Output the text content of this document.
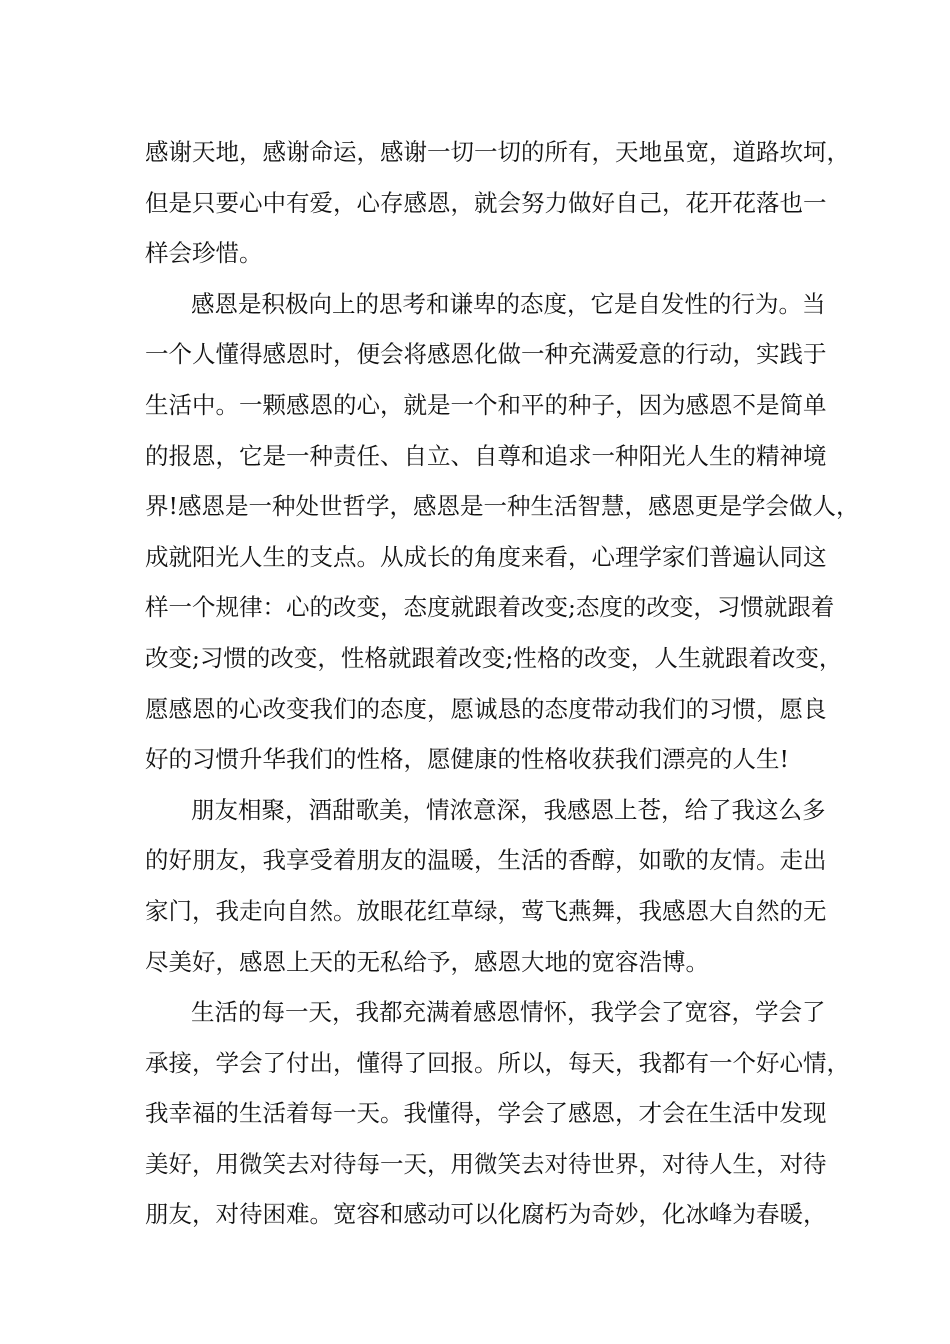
感谢天地，感谢命运，感谢一切一切的所有，天地虽宽，道路坎坷，
但是只要心中有爱，心存感恩，就会努力做好自己，花开花落也一
样会珍惜。

感恩是积极向上的思考和谦卑的态度，它是自发性的行为。当
一个人懂得感恩时，便会将感恩化做一种充满爱意的行动，实践于
生活中。一颗感恩的心，就是一个和平的种子，因为感恩不是简单
的报恩，它是一种责任、自立、自尊和追求一种阳光人生的精神境
界!感恩是一种处世哲学，感恩是一种生活智慧，感恩更是学会做人，
成就阳光人生的支点。从成长的角度来看，心理学家们普遍认同这
样一个规律：心的改变，态度就跟着改变;态度的改变，习惯就跟着
改变;习惯的改变，性格就跟着改变;性格的改变，人生就跟着改变，
愿感恩的心改变我们的态度，愿诚恳的态度带动我们的习惯，愿良
好的习惯升华我们的性格，愿健康的性格收获我们漂亮的人生!

朋友相聚，酒甜歌美，情浓意深，我感恩上苍，给了我这么多
的好朋友，我享受着朋友的温暖，生活的香醇，如歌的友情。走出
家门，我走向自然。放眼花红草绿，莺飞燕舞，我感恩大自然的无
尽美好，感恩上天的无私给予，感恩大地的宽容浩博。

生活的每一天，我都充满着感恩情怀，我学会了宽容，学会了
承接，学会了付出，懂得了回报。所以，每天，我都有一个好心情，
我幸福的生活着每一天。我懂得，学会了感恩，才会在生活中发现
美好，用微笑去对待每一天，用微笑去对待世界，对待人生，对待
朋友，对待困难。宽容和感动可以化腐朽为奇妙，化冰峰为春暖，
